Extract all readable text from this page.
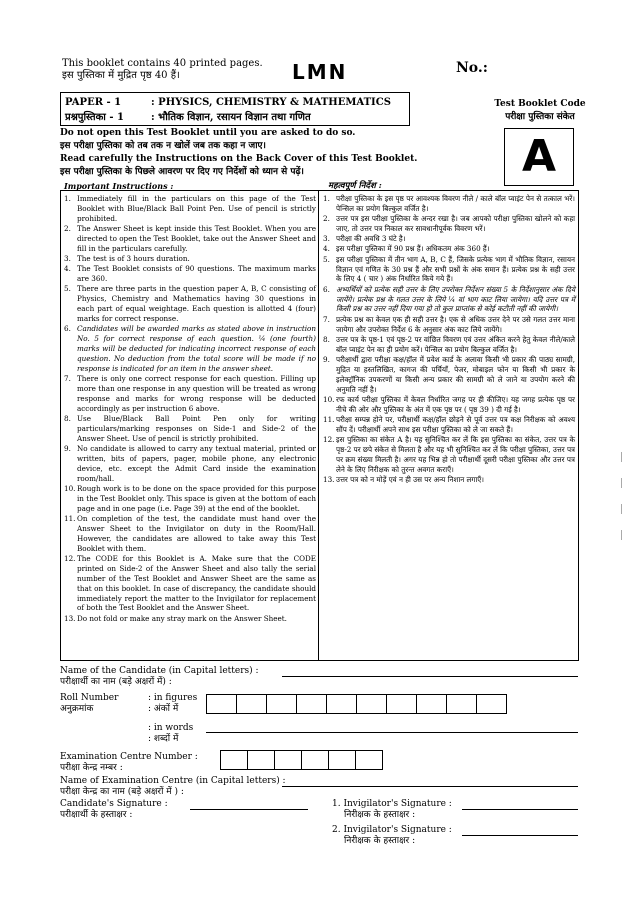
This booklet contains 40 printed pages.
इस पुस्तिका में मुद्रित पृष्ठ 40 हैं।	LMN	No.:
PAPER - 1	: PHYSICS, CHEMISTRY & MATHEMATICS
प्रश्नपुस्तिका - 1	: भौतिक विज्ञान, रसायन विज्ञान तथा गणित
Test Booklet Code
परीक्षा पुस्तिका संकेत
A
Do not open this Test Booklet until you are asked to do so.
इस परीक्षा पुस्तिका को तब तक न खोलें जब तक कहा न जाए।
Read carefully the Instructions on the Back Cover of this Test Booklet.
इस परीक्षा पुस्तिका के पिछले आवरण पर दिए गए निर्देशों को ध्यान से पढ़ें।
Important Instructions :	महत्वपूर्ण निर्देश :
1. Immediately fill in the particulars on this page of the Test Booklet with Blue/Black Ball Point Pen. Use of pencil is strictly prohibited.
2. The Answer Sheet is kept inside this Test Booklet. When you are directed to open the Test Booklet, take out the Answer Sheet and fill in the particulars carefully.
3. The test is of 3 hours duration.
4. The Test Booklet consists of 90 questions. The maximum marks are 360.
5. There are three parts in the question paper A, B, C consisting of Physics, Chemistry and Mathematics having 30 questions in each part of equal weightage. Each question is allotted 4 (four) marks for correct response.
6. Candidates will be awarded marks as stated above in instruction No. 5 for correct response of each question. ¼ (one fourth) marks will be deducted for indicating incorrect response of each question. No deduction from the total score will be made if no response is indicated for an item in the answer sheet.
7. There is only one correct response for each question. Filling up more than one response in any question will be treated as wrong response and marks for wrong response will be deducted accordingly as per instruction 6 above.
8. Use Blue/Black Ball Point Pen only for writing particulars/marking responses on Side-1 and Side-2 of the Answer Sheet. Use of pencil is strictly prohibited.
9. No candidate is allowed to carry any textual material, printed or written, bits of papers, pager, mobile phone, any electronic device, etc. except the Admit Card inside the examination room/hall.
10. Rough work is to be done on the space provided for this purpose in the Test Booklet only. This space is given at the bottom of each page and in one page (i.e. Page 39) at the end of the booklet.
11. On completion of the test, the candidate must hand over the Answer Sheet to the Invigilator on duty in the Room/Hall. However, the candidates are allowed to take away this Test Booklet with them.
12. The CODE for this Booklet is A. Make sure that the CODE printed on Side-2 of the Answer Sheet and also tally the serial number of the Test Booklet and Answer Sheet are the same as that on this booklet. In case of discrepancy, the candidate should immediately report the matter to the Invigilator for replacement of both the Test Booklet and the Answer Sheet.
13. Do not fold or make any stray mark on the Answer Sheet.
1. परीक्षा पुस्तिका के इस पृष्ठ पर आवश्यक विवरण नीले / काले बॉल प्वाइंट पेन से तत्काल भरें। पेन्सिल का प्रयोग बिल्कुल वर्जित है।
2. उत्तर पत्र इस परीक्षा पुस्तिका के अन्दर रखा है। जब आपको परीक्षा पुस्तिका खोलने को कहा जाए, तो उत्तर पत्र निकाल कर सावधानीपूर्वक विवरण भरें।
3. परीक्षा की अवधि 3 घंटे है।
4. इस परीक्षा पुस्तिका में 90 प्रश्न हैं। अधिकतम अंक 360 हैं।
5. इस परीक्षा पुस्तिका में तीन भाग A, B, C हैं, जिसके प्रत्येक भाग में भौतिक विज्ञान, रसायन विज्ञान एवं गणित के 30 प्रश्न हैं और सभी प्रश्नों के अंक समान हैं। प्रत्येक प्रश्न के सही उत्तर के लिए 4 ( चार ) अंक निर्धारित किये गये हैं।
6. अभ्यर्थियों को प्रत्येक सही उत्तर के लिए उपरोक्त निर्देशन संख्या 5 के निर्देशानुसार अंक दिये जायेंगे। प्रत्येक प्रश्न के गलत उत्तर के लिये ¼ वां भाग काट लिया जायेगा। यदि उत्तर पत्र में किसी प्रश्न का उत्तर नहीं दिया गया हो तो कुल प्राप्तांक से कोई कटौती नहीं की जायेगी।
7. प्रत्येक प्रश्न का केवल एक ही सही उत्तर है। एक से अधिक उत्तर देने पर उसे गलत उत्तर माना जायेगा और उपरोक्त निर्देश 6 के अनुसार अंक काट लिये जायेंगे।
8. उत्तर पत्र के पृष्ठ-1 एवं पृष्ठ-2 पर वांछित विवरण एवं उत्तर अंकित करने हेतु केवल नीले/काले बॉल प्वाइंट पेन का ही प्रयोग करें। पेन्सिल का प्रयोग बिल्कुल वर्जित है।
9. परीक्षार्थी द्वारा परीक्षा कक्ष/हॉल में प्रवेश कार्ड के अलावा किसी भी प्रकार की पाठ्य सामग्री, मुद्रित या हस्तलिखित, कागज की पर्चियाँ, पेजर, मोबाइल फोन या किसी भी प्रकार के इलेक्ट्रॉनिक उपकरणों या किसी अन्य प्रकार की सामग्री को ले जाने या उपयोग करने की अनुमति नहीं है।
10. रफ कार्य परीक्षा पुस्तिका में केवल निर्धारित जगह पर ही कीजिए। यह जगह प्रत्येक पृष्ठ पर नीचे की ओर और पुस्तिका के अंत में एक पृष्ठ पर ( पृष्ठ 39 ) दी गई है।
11. परीक्षा सम्पन्न होने पर, परीक्षार्थी कक्ष/हॉल छोड़ने से पूर्व उत्तर पत्र कक्ष निरीक्षक को अवश्य सौंप दें। परीक्षार्थी अपने साथ इस परीक्षा पुस्तिका को ले जा सकते हैं।
12. इस पुस्तिका का संकेत A है। यह सुनिश्चित कर लें कि इस पुस्तिका का संकेत, उत्तर पत्र के पृष्ठ-2 पर छपे संकेत से मिलता है और यह भी सुनिश्चित कर लें कि परीक्षा पुस्तिका, उत्तर पत्र पर क्रम संख्या मिलती है। अगर यह भिन्न हो तो परीक्षार्थी दूसरी परीक्षा पुस्तिका और उत्तर पत्र लेने के लिए निरीक्षक को तुरन्त अवगत कराएँ।
13. उत्तर पत्र को न मोड़ें एवं न ही उस पर अन्य निशान लगाएँ।
Name of the Candidate (in Capital letters) :
परीक्षार्थी का नाम (बड़े अक्षरों में) :
Roll Number
अनुक्रमांक
: in figures
: अंकों में
: in words
: शब्दों में
Examination Centre Number :
परीक्षा केन्द्र नम्बर :
Name of Examination Centre (in Capital letters) :
परीक्षा केन्द्र का नाम (बड़े अक्षरों में ) :
Candidate's Signature :
परीक्षार्थी के हस्ताक्षर :
1. Invigilator's Signature :
निरीक्षक के हस्ताक्षर :
2. Invigilator's Signature :
निरीक्षक के हस्ताक्षर :
